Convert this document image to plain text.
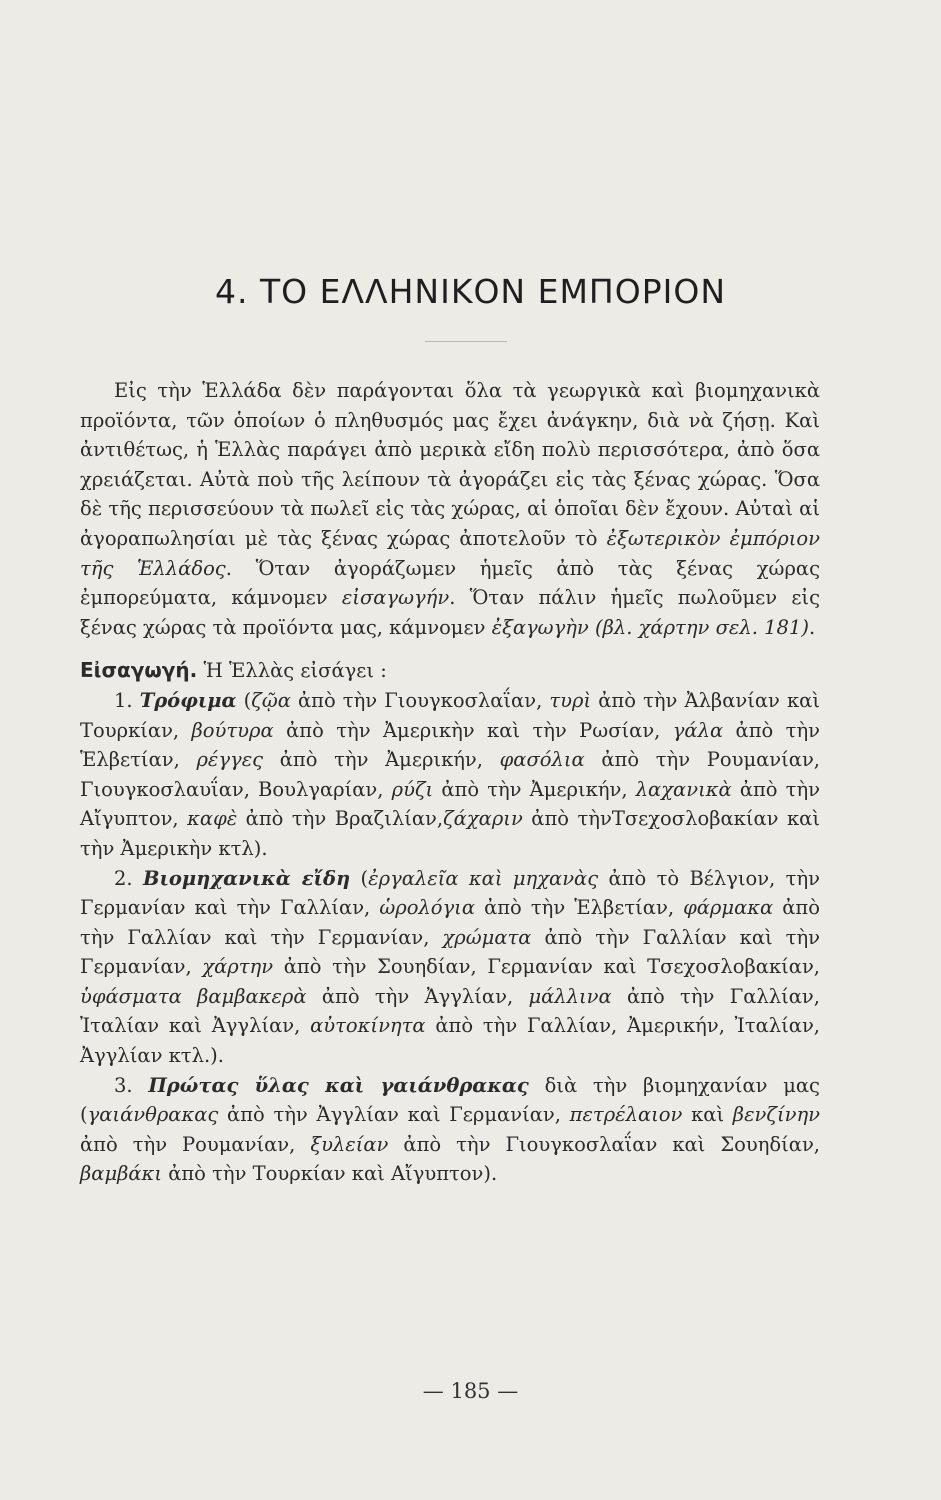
4. ΤΟ ΕΛΛΗΝΙΚΟΝ ΕΜΠΟΡΙΟΝ

Εἰς τὴν Ἑλλάδα δὲν παράγονται ὅλα τὰ γεωργικὰ καὶ βιομηχανικὰ προϊόντα, τῶν ὁποίων ὁ πληθυσμός μας ἔχει ἀνάγκην, διὰ νὰ ζήσῃ. Καὶ ἀντιθέτως, ἡ Ἑλλὰς παράγει ἀπὸ μερικὰ εἴδη πολὺ περισσότερα, ἀπὸ ὅσα χρειάζεται. Αὐτὰ ποὺ τῆς λείπουν τὰ ἀγοράζει εἰς τὰς ξένας χώρας. Ὅσα δὲ τῆς περισσεύουν τὰ πωλεῖ εἰς τὰς χώρας, αἱ ὁποῖαι δὲν ἔχουν. Αὐταὶ αἱ ἀγοραπωλησίαι μὲ τὰς ξένας χώρας ἀποτελοῦν τὸ ἐξωτερικὸν ἐμπόριον τῆς Ἑλλάδος. Ὅταν ἀγοράζωμεν ἡμεῖς ἀπὸ τὰς ξένας χώρας ἐμπορεύματα, κάμνομεν εἰσαγωγήν. Ὅταν πάλιν ἡμεῖς πωλοῦμεν εἰς ξένας χώρας τὰ προϊόντα μας, κάμνομεν ἐξαγωγὴν (βλ. χάρτην σελ. 181).

Εἰσαγωγή. Ἡ Ἑλλὰς εἰσάγει :

1. Τρόφιμα (ζῷα ἀπὸ τὴν Γιουγκοσλαΐαν, τυρὶ ἀπὸ τὴν Ἀλβανίαν καὶ Τουρκίαν, βούτυρα ἀπὸ τὴν Ἀμερικὴν καὶ τὴν Ρωσίαν, γάλα ἀπὸ τὴν Ἑλβετίαν, ρέγγες ἀπὸ τὴν Ἀμερικήν, φασόλια ἀπὸ τὴν Ρουμανίαν, Γιουγκοσλαυΐαν, Βουλγαρίαν, ρύζι ἀπὸ τὴν Ἀμερικήν, λαχανικὰ ἀπὸ τὴν Αἴγυπτον, καφὲ ἀπὸ τὴν Βραζιλίαν,ζάχαριν ἀπὸ τὴνΤσεχοσλοβακίαν καὶ τὴν Ἀμερικὴν κτλ).

2. Βιομηχανικὰ εἴδη (ἐργαλεῖα καὶ μηχανὰς ἀπὸ τὸ Βέλγιον, τὴν Γερμανίαν καὶ τὴν Γαλλίαν, ὡρολόγια ἀπὸ τὴν Ἑλβετίαν, φάρμακα ἀπὸ τὴν Γαλλίαν καὶ τὴν Γερμανίαν, χρώματα ἀπὸ τὴν Γαλλίαν καὶ τὴν Γερμανίαν, χάρτην ἀπὸ τὴν Σουηδίαν, Γερμανίαν καὶ Τσεχοσλοβακίαν, ὑφάσματα βαμβακερὰ ἀπὸ τὴν Ἀγγλίαν, μάλλινα ἀπὸ τὴν Γαλλίαν, Ἰταλίαν καὶ Ἀγγλίαν, αὐτοκίνητα ἀπὸ τὴν Γαλλίαν, Ἀμερικήν, Ἰταλίαν, Ἀγγλίαν κτλ.).

3. Πρώτας ὕλας καὶ γαιάνθρακας διὰ τὴν βιομηχανίαν μας (γαιάνθρακας ἀπὸ τὴν Ἀγγλίαν καὶ Γερμανίαν, πετρέλαιον καὶ βενζίνην ἀπὸ τὴν Ρουμανίαν, ξυλείαν ἀπὸ τὴν Γιουγκοσλαΐαν καὶ Σουηδίαν, βαμβάκι ἀπὸ τὴν Τουρκίαν καὶ Αἴγυπτον).

— 185 —
